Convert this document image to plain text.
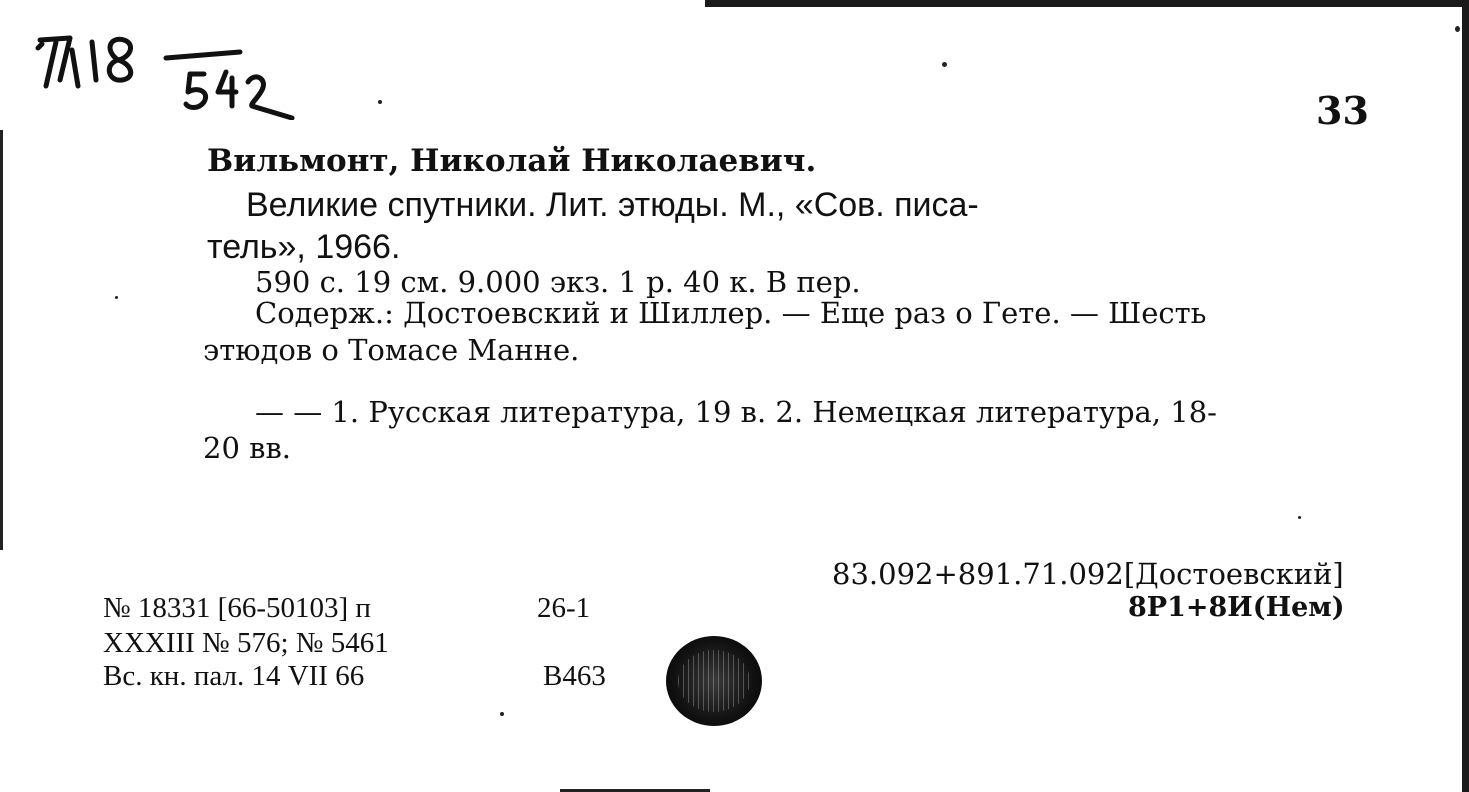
33
Вильмонт, Николай Николаевич.
Великие спутники. Лит. этюды. М., «Сов. писа-
тель», 1966.
590 с. 19 см. 9.000 экз. 1 р. 40 к. В пер.
Содерж.: Достоевский и Шиллер. — Еще раз о Гете. — Шесть
этюдов о Томасе Манне.
— — 1. Русская литература, 19 в. 2. Немецкая литература, 18-
20 вв.
83.092+891.71.092[Достоевский]
8Р1+8И(Нем)
№ 18331 [66-50103] п	26-1
XXXIII № 576; № 5461
Вс. кн. пал. 14 VII 66	В463
